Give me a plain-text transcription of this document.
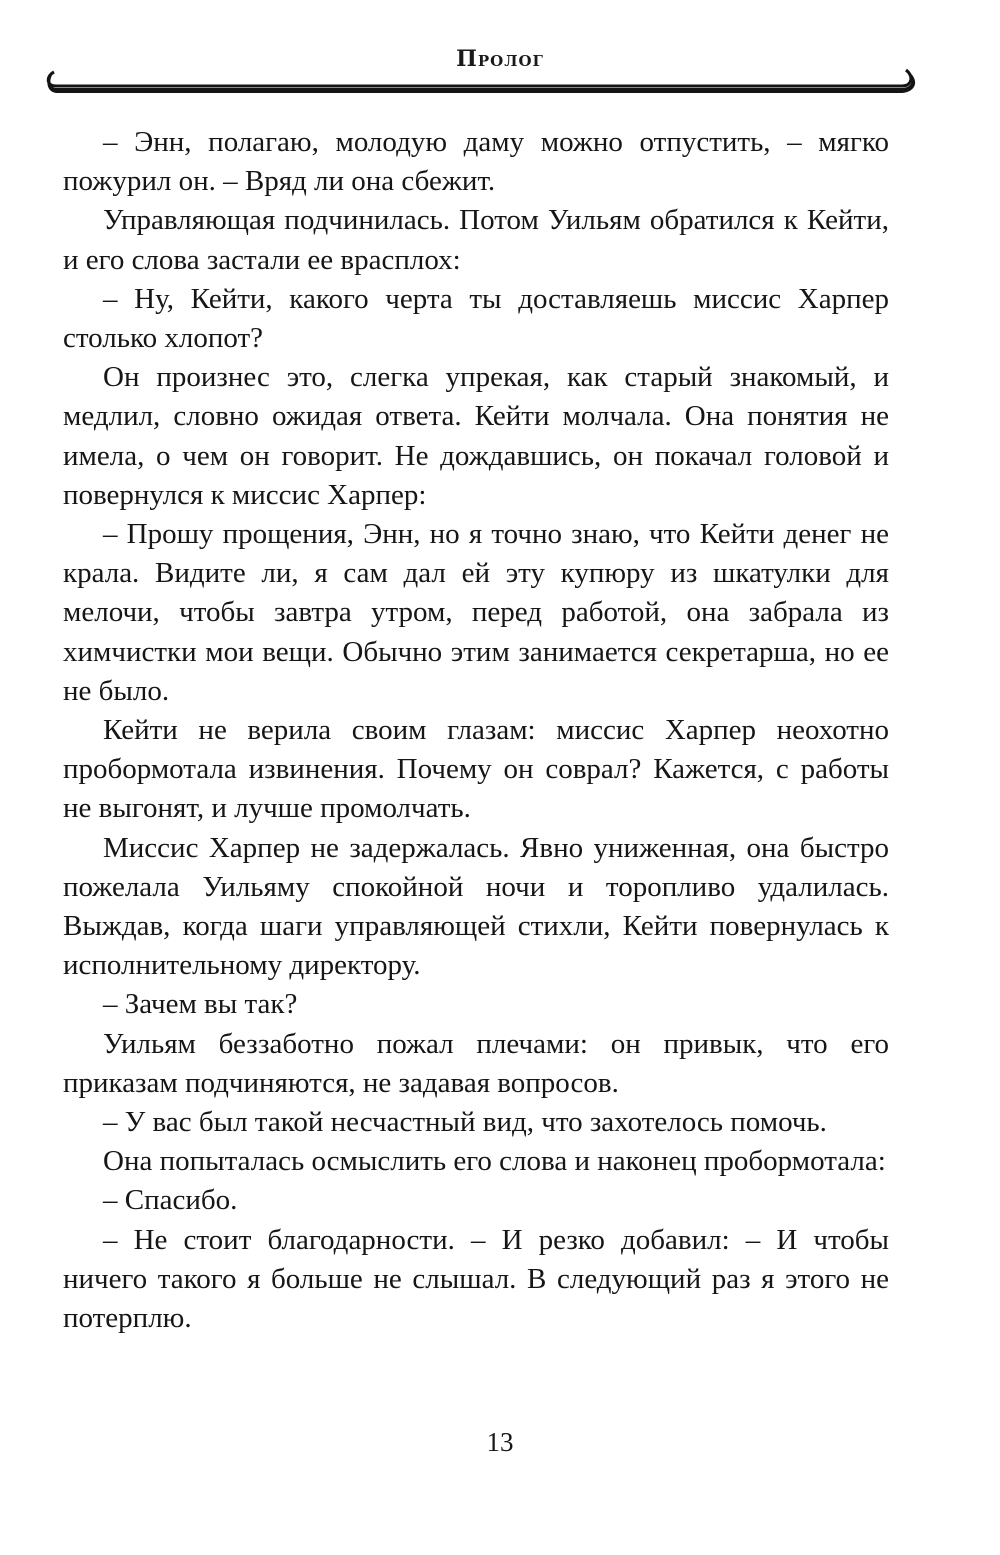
Пролог

– Энн, полагаю, молодую даму можно отпустить, – мягко пожурил он. – Вряд ли она сбежит.

Управляющая подчинилась. Потом Уильям обратился к Кейти, и его слова застали ее врасплох:

– Ну, Кейти, какого черта ты доставляешь миссис Харпер столько хлопот?

Он произнес это, слегка упрекая, как старый знакомый, и медлил, словно ожидая ответа. Кейти молчала. Она понятия не имела, о чем он говорит. Не дождавшись, он покачал головой и повернулся к миссис Харпер:

– Прошу прощения, Энн, но я точно знаю, что Кейти денег не крала. Видите ли, я сам дал ей эту купюру из шкатулки для мелочи, чтобы завтра утром, перед работой, она забрала из химчистки мои вещи. Обычно этим занимается секретарша, но ее не было.

Кейти не верила своим глазам: миссис Харпер неохотно пробормотала извинения. Почему он соврал? Кажется, с работы не выгонят, и лучше промолчать.

Миссис Харпер не задержалась. Явно униженная, она быстро пожелала Уильяму спокойной ночи и торопливо удалилась. Выждав, когда шаги управляющей стихли, Кейти повернулась к исполнительному директору.

– Зачем вы так?

Уильям беззаботно пожал плечами: он привык, что его приказам подчиняются, не задавая вопросов.

– У вас был такой несчастный вид, что захотелось помочь.

Она попыталась осмыслить его слова и наконец пробормотала:

– Спасибо.

– Не стоит благодарности. – И резко добавил: – И чтобы ничего такого я больше не слышал. В следующий раз я этого не потерплю.

13
